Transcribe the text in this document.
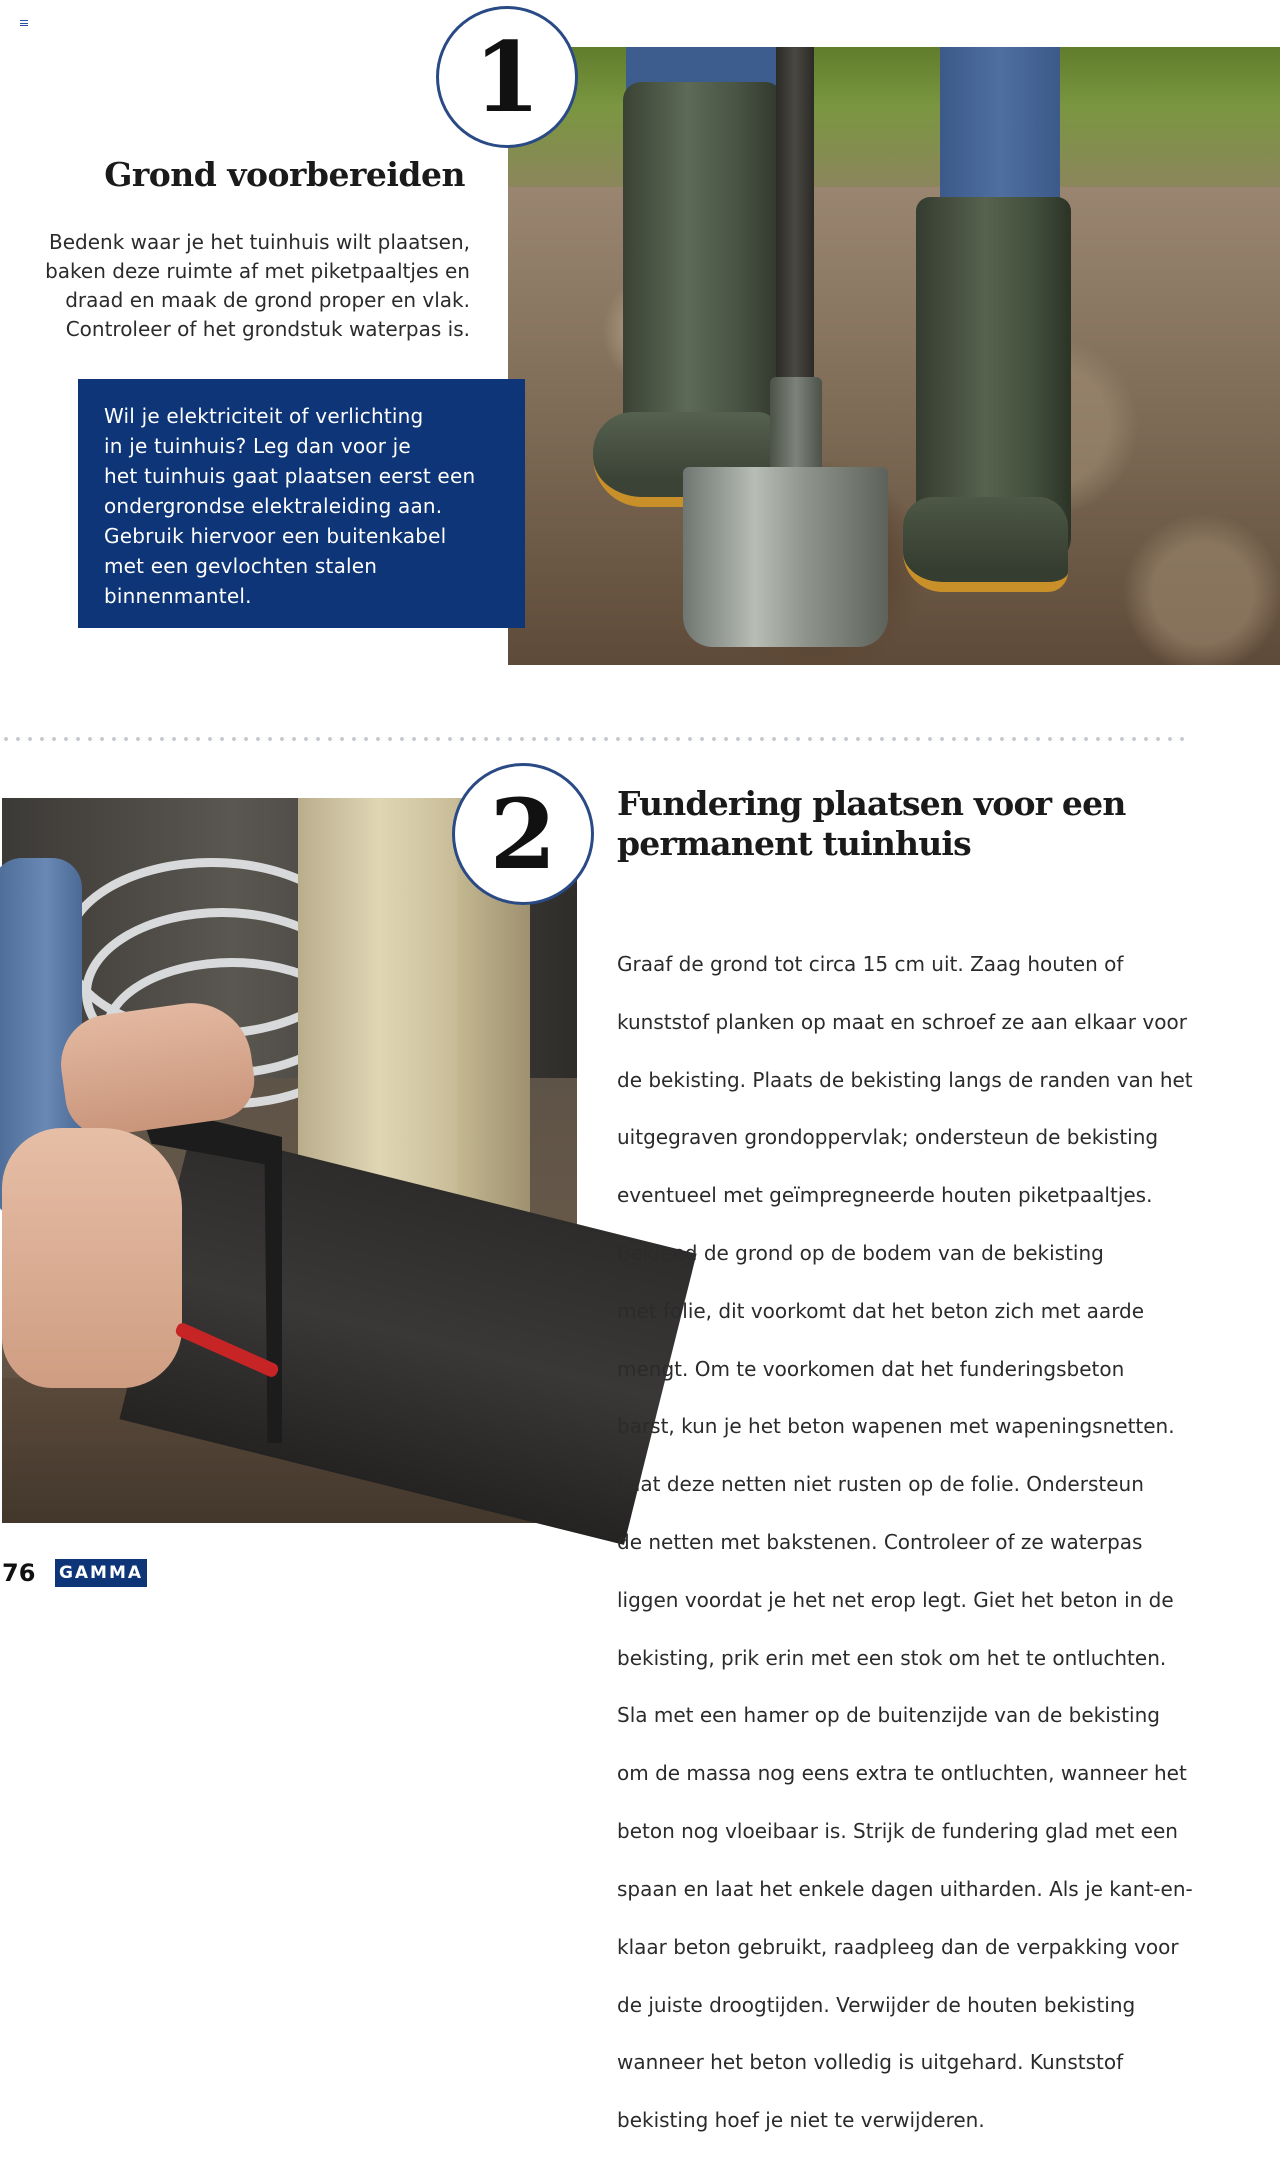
1
Grond voorbereiden
Bedenk waar je het tuinhuis wilt plaatsen,
baken deze ruimte af met piketpaaltjes en
draad en maak de grond proper en vlak.
Controleer of het grondstuk waterpas is.
Wil je elektriciteit of verlichting
in je tuinhuis? Leg dan voor je
het tuinhuis gaat plaatsen eerst een
ondergrondse elektraleiding aan.
Gebruik hiervoor een buitenkabel
met een gevlochten stalen
binnenmantel.
2 Fundering plaatsen voor een
permanent tuinhuis

Graaf de grond tot circa 15 cm uit. Zaag houten of

kunststof planken op maat en schroef ze aan elkaar voor

de bekisting. Plaats de bekisting langs de randen van het

uitgegraven grondoppervlak; ondersteun de bekisting

eventueel met geïmpregneerde houten piketpaaltjes.

Bekleed de grond op de bodem van de bekisting

met folie, dit voorkomt dat het beton zich met aarde

mengt. Om te voorkomen dat het funderingsbeton

barst, kun je het beton wapenen met wapeningsnetten.

Laat deze netten niet rusten op de folie. Ondersteun

de netten met bakstenen. Controleer of ze waterpas

liggen voordat je het net erop legt. Giet het beton in de

bekisting, prik erin met een stok om het te ontluchten.

Sla met een hamer op de buitenzijde van de bekisting

om de massa nog eens extra te ontluchten, wanneer het

beton nog vloeibaar is. Strijk de fundering glad met een

spaan en laat het enkele dagen uitharden. Als je kant-en-

klaar beton gebruikt, raadpleeg dan de verpakking voor

de juiste droogtijden. Verwijder de houten bekisting

wanneer het beton volledig is uitgehard. Kunststof

bekisting hoef je niet te verwijderen.

76 GAMMA
